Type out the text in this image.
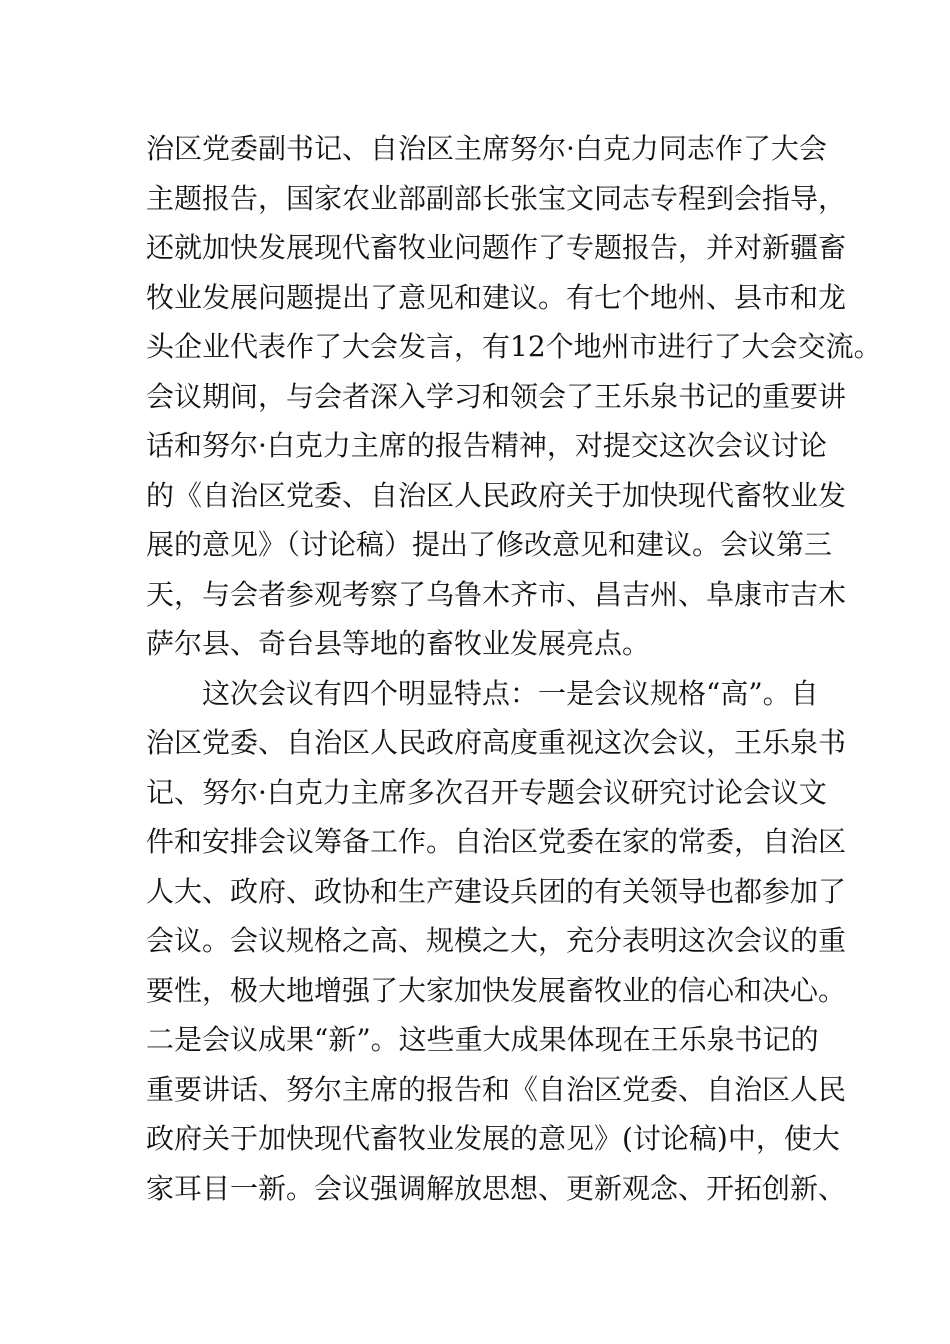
治区党委副书记、自治区主席努尔·白克力同志作了大会
主题报告，国家农业部副部长张宝文同志专程到会指导，
还就加快发展现代畜牧业问题作了专题报告，并对新疆畜
牧业发展问题提出了意见和建议。有七个地州、县市和龙
头企业代表作了大会发言，有12个地州市进行了大会交流。
会议期间，与会者深入学习和领会了王乐泉书记的重要讲
话和努尔·白克力主席的报告精神，对提交这次会议讨论
的《自治区党委、自治区人民政府关于加快现代畜牧业发
展的意见》（讨论稿）提出了修改意见和建议。会议第三
天，与会者参观考察了乌鲁木齐市、昌吉州、阜康市吉木
萨尔县、奇台县等地的畜牧业发展亮点。
这次会议有四个明显特点：一是会议规格“高”。自
治区党委、自治区人民政府高度重视这次会议，王乐泉书
记、努尔·白克力主席多次召开专题会议研究讨论会议文
件和安排会议筹备工作。自治区党委在家的常委，自治区
人大、政府、政协和生产建设兵团的有关领导也都参加了
会议。会议规格之高、规模之大，充分表明这次会议的重
要性，极大地增强了大家加快发展畜牧业的信心和决心。
二是会议成果“新”。这些重大成果体现在王乐泉书记的
重要讲话、努尔主席的报告和《自治区党委、自治区人民
政府关于加快现代畜牧业发展的意见》(讨论稿)中，使大
家耳目一新。会议强调解放思想、更新观念、开拓创新、
